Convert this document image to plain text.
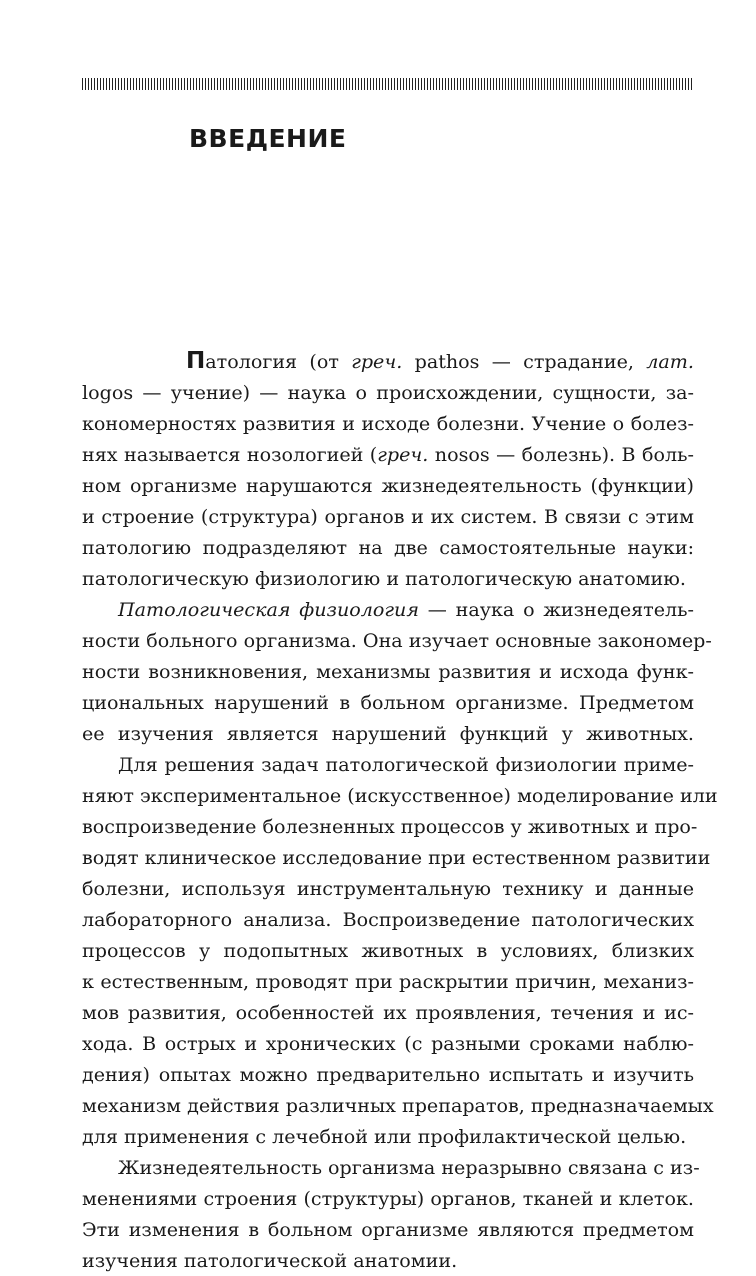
ВВЕДЕНИЕ
Патология (от греч. pathos — страдание, лат.
logos — учение) — наука о происхождении, сущности, за-
кономерностях развития и исходе болезни. Учение о болез-
нях называется нозологией (греч. nosos — болезнь). В боль-
ном организме нарушаются жизнедеятельность (функции)
и строение (структура) органов и их систем. В связи с этим
патологию подразделяют на две самостоятельные науки:
патологическую физиологию и патологическую анатомию.
Патологическая физиология — наука о жизнедеятель-
ности больного организма. Она изучает основные закономер-
ности возникновения, механизмы развития и исхода функ-
циональных нарушений в больном организме. Предметом
ее изучения является нарушений функций у животных.
Для решения задач патологической физиологии приме-
няют экспериментальное (искусственное) моделирование или
воспроизведение болезненных процессов у животных и про-
водят клиническое исследование при естественном развитии
болезни, используя инструментальную технику и данные
лабораторного анализа. Воспроизведение патологических
процессов у подопытных животных в условиях, близких
к естественным, проводят при раскрытии причин, механиз-
мов развития, особенностей их проявления, течения и ис-
хода. В острых и хронических (с разными сроками наблю-
дения) опытах можно предварительно испытать и изучить
механизм действия различных препаратов, предназначаемых
для применения с лечебной или профилактической целью.
Жизнедеятельность организма неразрывно связана с из-
менениями строения (структуры) органов, тканей и клеток.
Эти изменения в больном организме являются предметом
изучения патологической анатомии.
